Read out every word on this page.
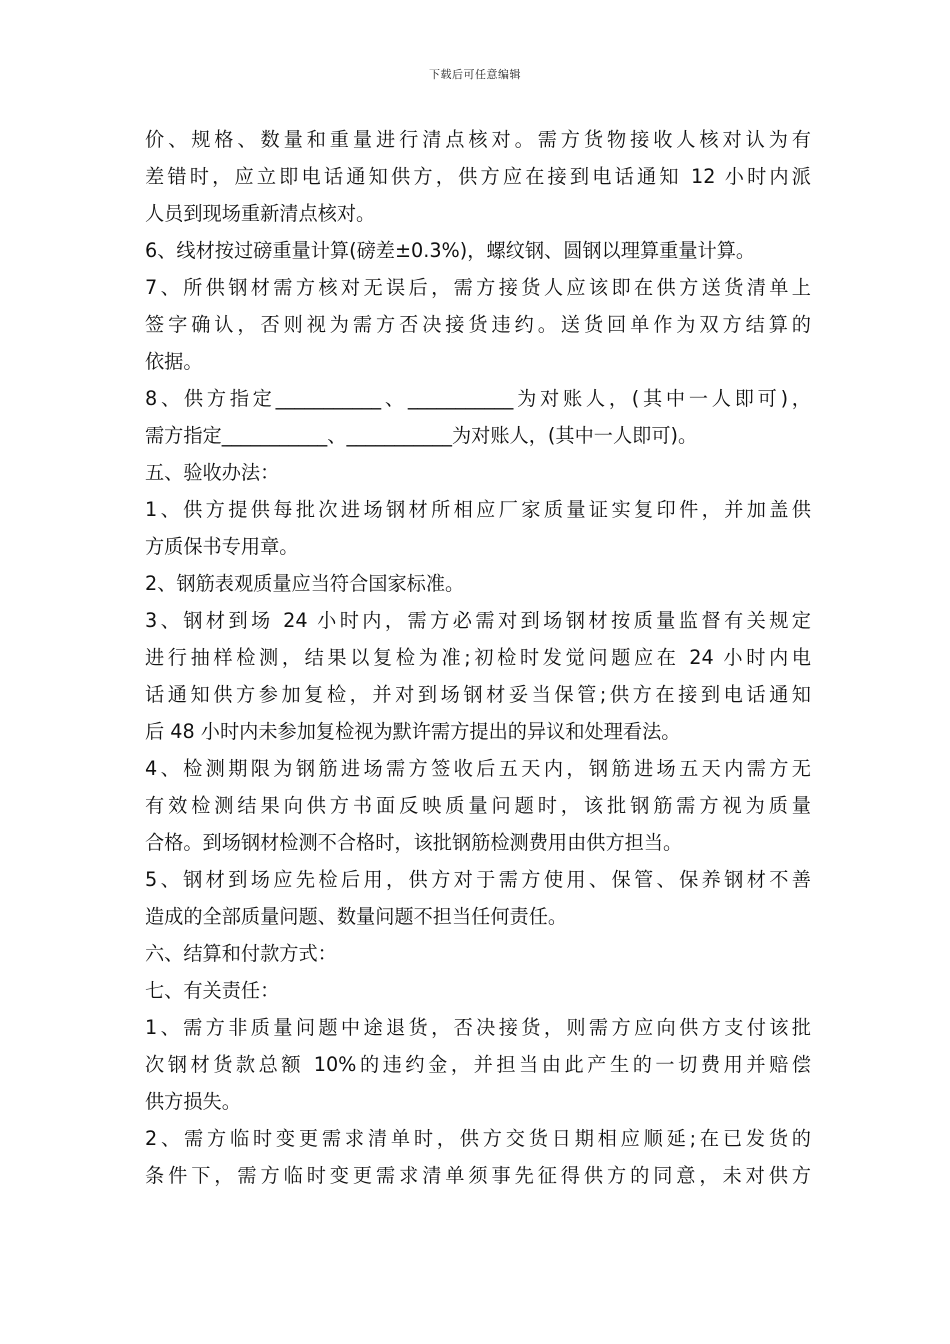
下载后可任意编辑
价、规格、数量和重量进行清点核对。需方货物接收人核对认为有
差错时，应立即电话通知供方，供方应在接到电话通知 12 小时内派
人员到现场重新清点核对。
6、线材按过磅重量计算(磅差±0.3%)，螺纹钢、圆钢以理算重量计算。
7、所供钢材需方核对无误后，需方接货人应该即在供方送货清单上
签字确认，否则视为需方否决接货违约。送货回单作为双方结算的
依据。
8、供方指定___________、___________为对账人，(其中一人即可)，
需方指定___________、___________为对账人，(其中一人即可)。
五、验收办法：
1、供方提供每批次进场钢材所相应厂家质量证实复印件，并加盖供
方质保书专用章。
2、钢筋表观质量应当符合国家标准。
3、钢材到场 24 小时内，需方必需对到场钢材按质量监督有关规定
进行抽样检测，结果以复检为准;初检时发觉问题应在 24 小时内电
话通知供方参加复检，并对到场钢材妥当保管;供方在接到电话通知
后 48 小时内未参加复检视为默许需方提出的异议和处理看法。
4、检测期限为钢筋进场需方签收后五天内，钢筋进场五天内需方无
有效检测结果向供方书面反映质量问题时，该批钢筋需方视为质量
合格。到场钢材检测不合格时，该批钢筋检测费用由供方担当。
5、钢材到场应先检后用，供方对于需方使用、保管、保养钢材不善
造成的全部质量问题、数量问题不担当任何责任。
六、结算和付款方式：
七、有关责任：
1、需方非质量问题中途退货，否决接货，则需方应向供方支付该批
次钢材货款总额 10%的违约金，并担当由此产生的一切费用并赔偿
供方损失。
2、需方临时变更需求清单时，供方交货日期相应顺延;在已发货的
条件下，需方临时变更需求清单须事先征得供方的同意，未对供方
